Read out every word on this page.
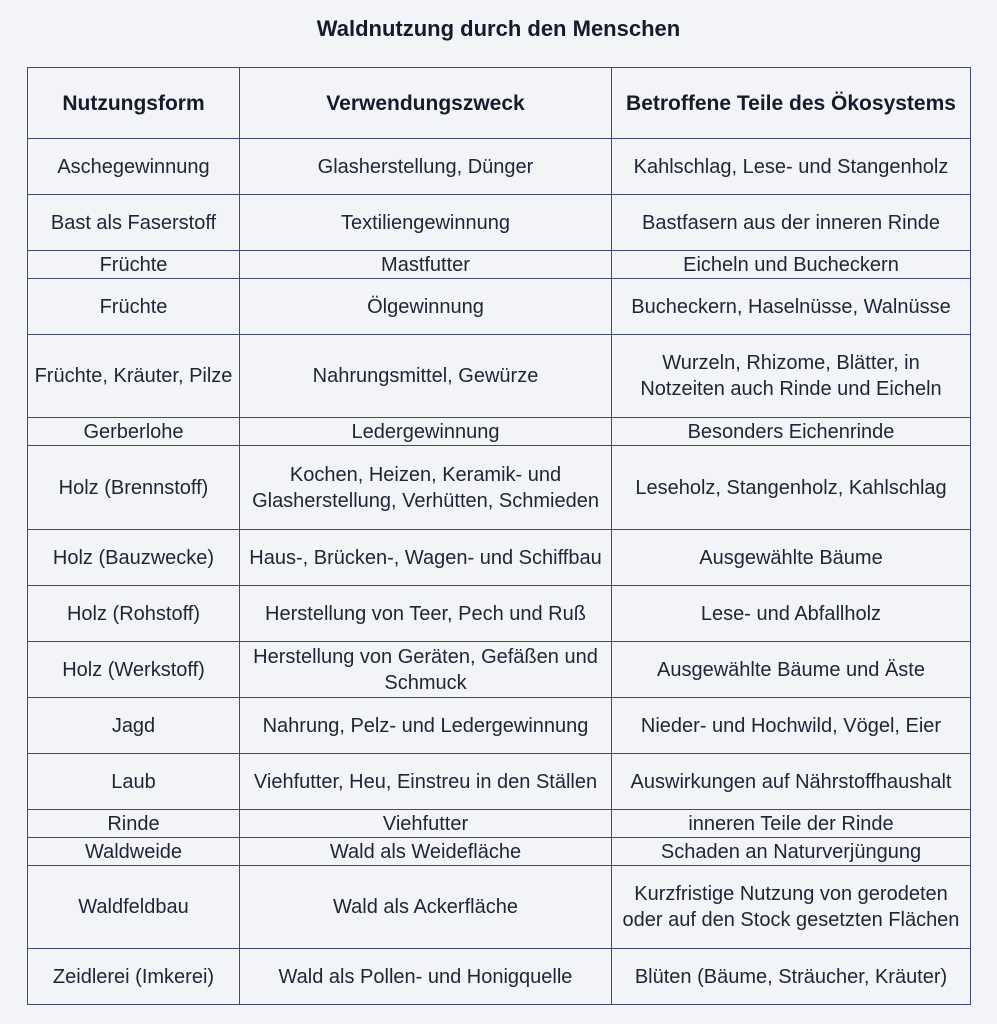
Waldnutzung durch den Menschen
Nutzungsform	Verwendungszweck	Betroffene Teile des Ökosystems
Aschegewinnung	Glasherstellung, Dünger	Kahlschlag, Lese- und Stangenholz
Bast als Faserstoff	Textiliengewinnung	Bastfasern aus der inneren Rinde
Früchte	Mastfutter	Eicheln und Bucheckern
Früchte	Ölgewinnung	Bucheckern, Haselnüsse, Walnüsse
Früchte, Kräuter, Pilze	Nahrungsmittel, Gewürze	Wurzeln, Rhizome, Blätter, in Notzeiten auch Rinde und Eicheln
Gerberlohe	Ledergewinnung	Besonders Eichenrinde
Holz (Brennstoff)	Kochen, Heizen, Keramik- und Glasherstellung, Verhütten, Schmieden	Leseholz, Stangenholz, Kahlschlag
Holz (Bauzwecke)	Haus-, Brücken-, Wagen- und Schiffbau	Ausgewählte Bäume
Holz (Rohstoff)	Herstellung von Teer, Pech und Ruß	Lese- und Abfallholz
Holz (Werkstoff)	Herstellung von Geräten, Gefäßen und Schmuck	Ausgewählte Bäume und Äste
Jagd	Nahrung, Pelz- und Ledergewinnung	Nieder- und Hochwild, Vögel, Eier
Laub	Viehfutter, Heu, Einstreu in den Ställen	Auswirkungen auf Nährstoffhaushalt
Rinde	Viehfutter	inneren Teile der Rinde
Waldweide	Wald als Weidefläche	Schaden an Naturverjüngung
Waldfeldbau	Wald als Ackerfläche	Kurzfristige Nutzung von gerodeten oder auf den Stock gesetzten Flächen
Zeidlerei (Imkerei)	Wald als Pollen- und Honigquelle	Blüten (Bäume, Sträucher, Kräuter)
